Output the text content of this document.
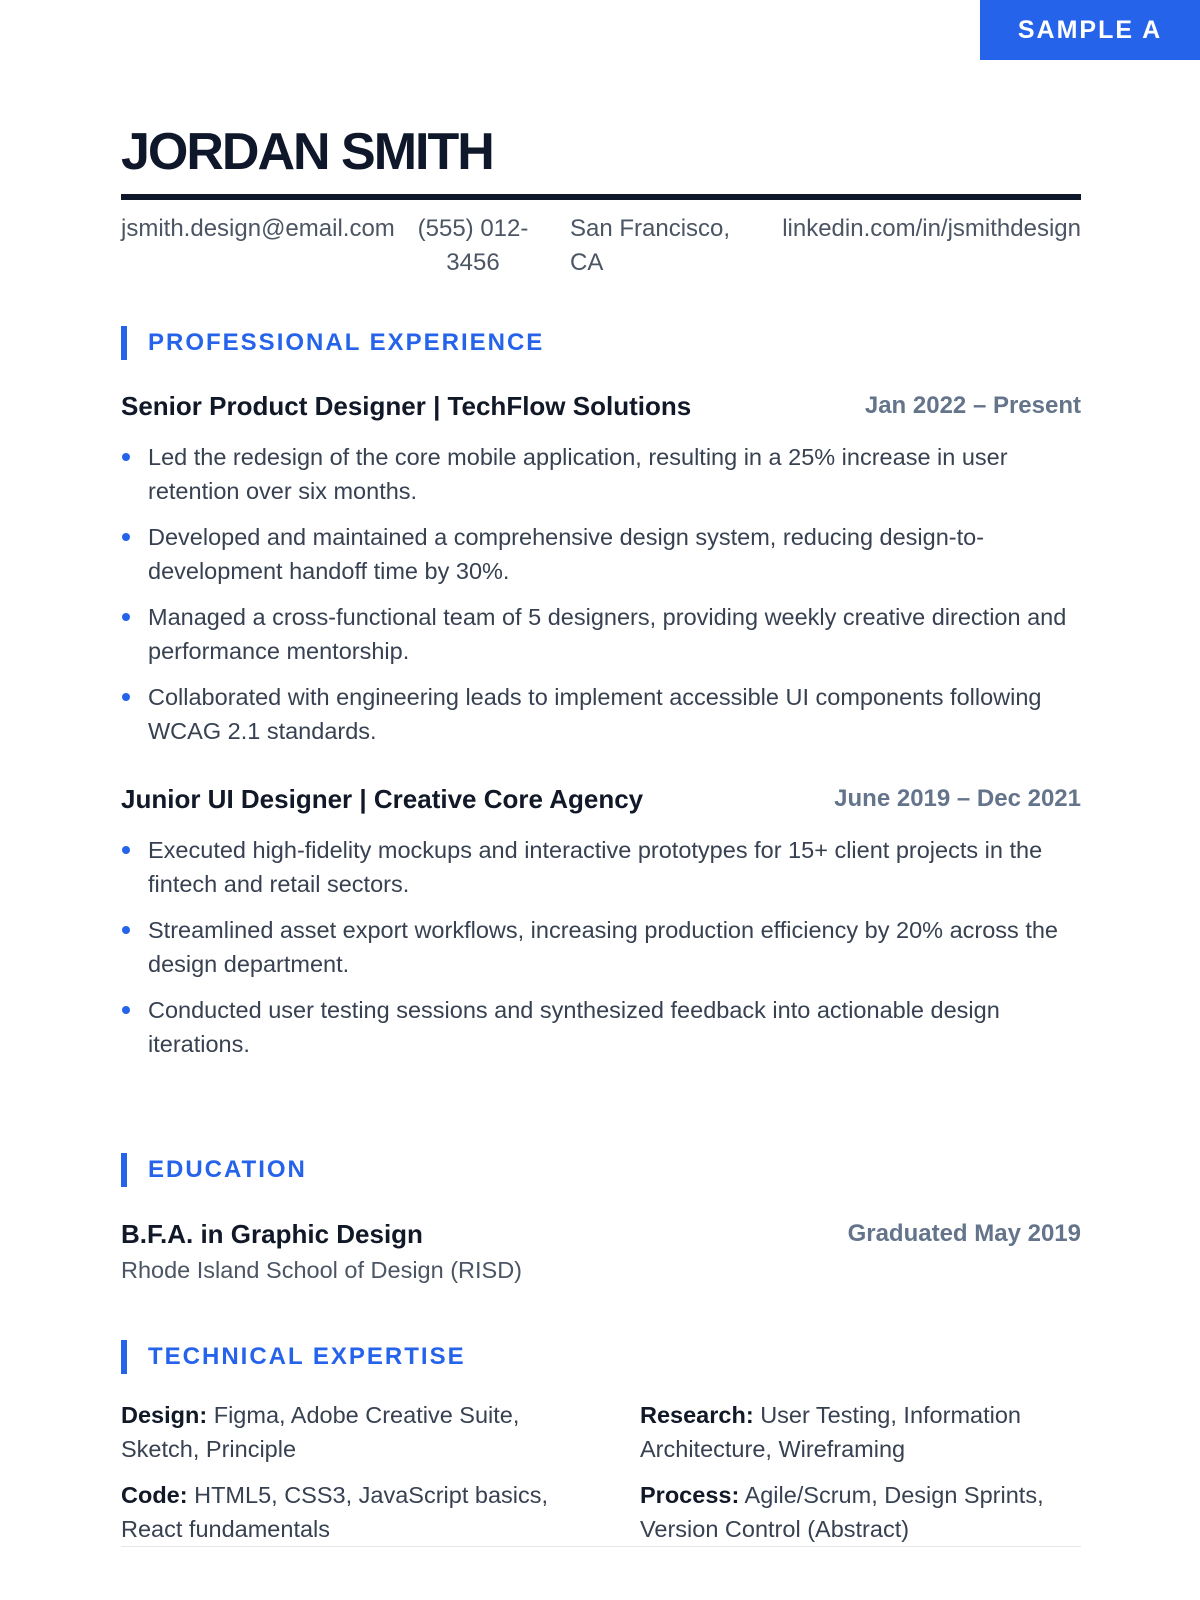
SAMPLE A
JORDAN SMITH
jsmith.design@email.com (555) 012-3456
San Francisco, CA
linkedin.com/in/jsmithdesign
PROFESSIONAL EXPERIENCE
Senior Product Designer | TechFlow Solutions	Jan 2022 – Present
Led the redesign of the core mobile application, resulting in a 25% increase in user retention over six months.
Developed and maintained a comprehensive design system, reducing design-to-development handoff time by 30%.
Managed a cross-functional team of 5 designers, providing weekly creative direction and performance mentorship.
Collaborated with engineering leads to implement accessible UI components following WCAG 2.1 standards.
Junior UI Designer | Creative Core Agency	June 2019 – Dec 2021
Executed high-fidelity mockups and interactive prototypes for 15+ client projects in the fintech and retail sectors.
Streamlined asset export workflows, increasing production efficiency by 20% across the design department.
Conducted user testing sessions and synthesized feedback into actionable design iterations.
EDUCATION
B.F.A. in Graphic Design	Graduated May 2019
Rhode Island School of Design (RISD)
TECHNICAL EXPERTISE
Design: Figma, Adobe Creative Suite, Sketch, Principle
Research: User Testing, Information Architecture, Wireframing
Code: HTML5, CSS3, JavaScript basics, React fundamentals
Process: Agile/Scrum, Design Sprints, Version Control (Abstract)
